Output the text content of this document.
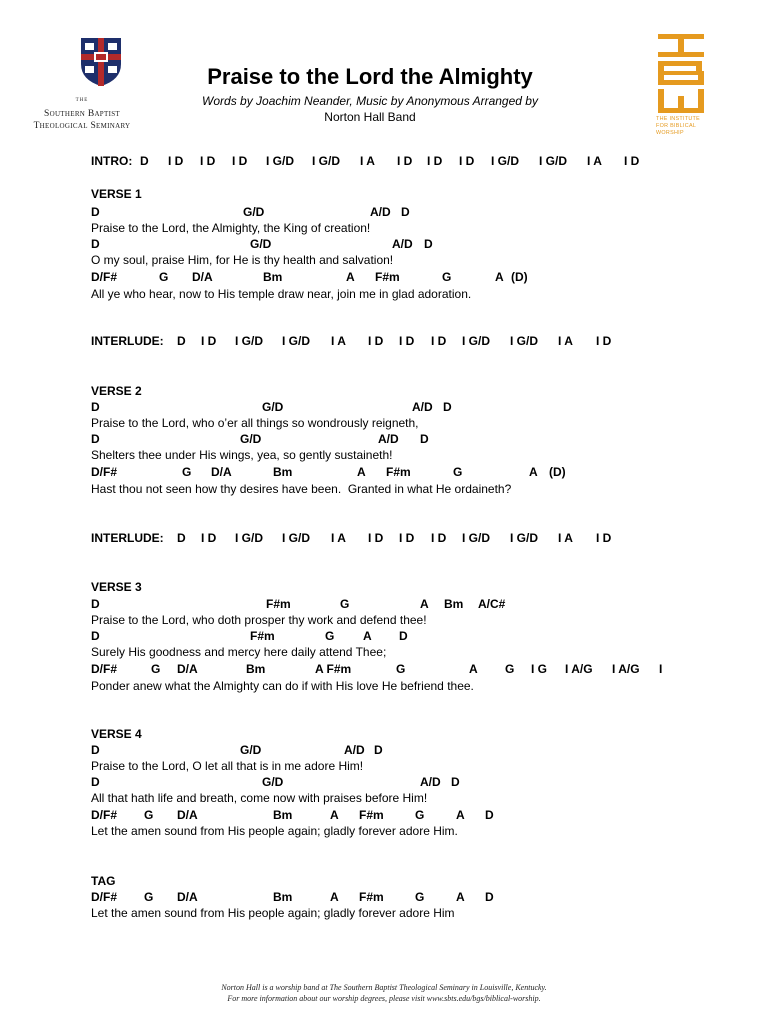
THE
Southern Baptist
Theological Seminary
Praise to the Lord the Almighty
Words by Joachim Neander, Music by Anonymous Arranged by
Norton Hall Band	THE INSTITUTE
FOR BIBLICAL
WORSHIP
INTRO: D I D I D I D I G/D I G/D I A I D I D I D I G/D I G/D I A I D
VERSE 1
D	G/D	A/D D
Praise to the Lord, the Almighty, the King of creation!
D	G/D	A/D D
O my soul, praise Him, for He is thy health and salvation!
D/F#	G D/A	Bm	A F#m	G	A (D)
All ye who hear, now to His temple draw near, join me in glad adoration.
INTERLUDE: D I D I G/D I G/D I A I D I D I D I G/D I G/D I A I D
VERSE 2
D	G/D	A/D D
Praise to the Lord, who o’er all things so wondrously reigneth,
D	G/D	A/D D
Shelters thee under His wings, yea, so gently sustaineth!
D/F#	G D/A	Bm	A F#m	G	A (D)
Hast thou not seen how thy desires have been.  Granted in what He ordaineth?
INTERLUDE: D I D I G/D I G/D I A I D I D I D I G/D I G/D I A I D
VERSE 3
D	F#m	G	A Bm A/C#
Praise to the Lord, who doth prosper thy work and defend thee!
D	F#m	G A D
Surely His goodness and mercy here daily attend Thee;
D/F#	G D/A	Bm	A F#m	G	A G I G I A/G I A/G I
Ponder anew what the Almighty can do if with His love He befriend thee.
VERSE 4
D	G/D	A/D D
Praise to the Lord, O let all that is in me adore Him!
D	G/D	A/D D
All that hath life and breath, come now with praises before Him!
D/F# G D/A	Bm	A F#m	G	A D
Let the amen sound from His people again; gladly forever adore Him.
TAG
D/F# G D/A	Bm	A F#m	G	A D
Let the amen sound from His people again; gladly forever adore Him
Norton Hall is a worship band at The Southern Baptist Theological Seminary in Louisville, Kentucky.
For more information about our worship degrees, please visit www.sbts.edu/bgs/biblical-worship.
